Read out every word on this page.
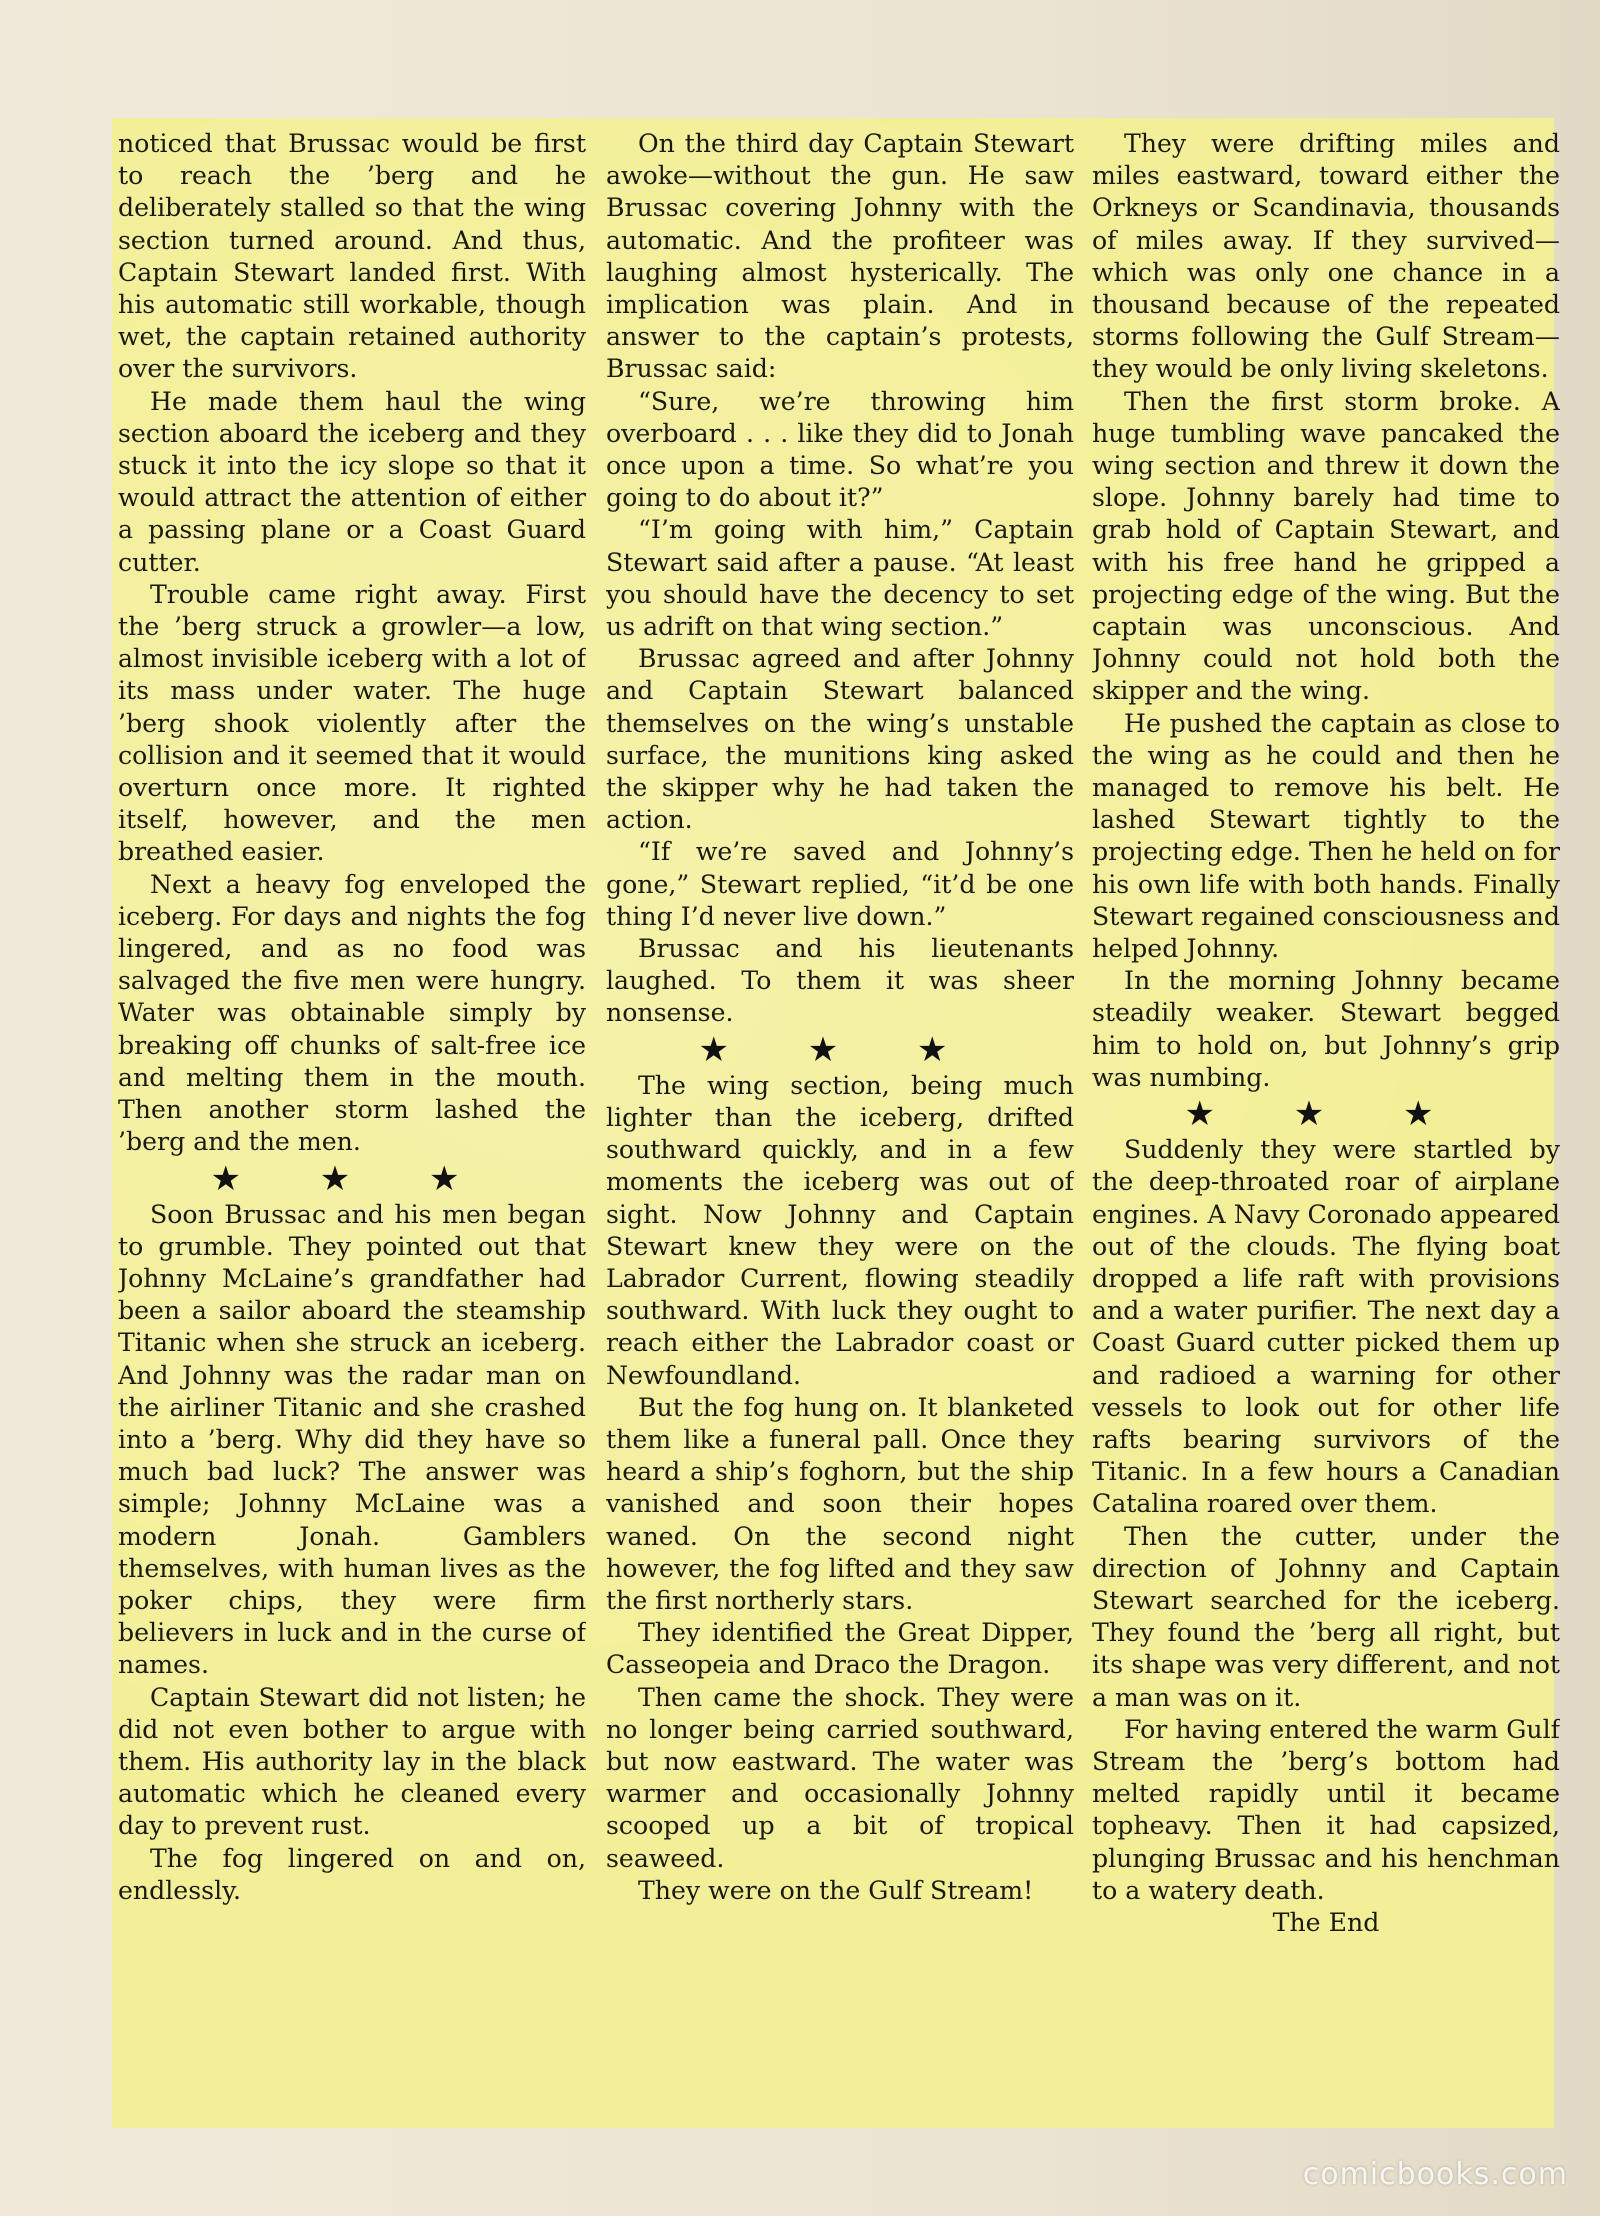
noticed that Brussac would be first to reach the ’berg and he deliberately stalled so that the wing section turned around. And thus, Captain Stewart landed first. With his automatic still workable, though wet, the captain retained authority over the survivors.

He made them haul the wing section aboard the iceberg and they stuck it into the icy slope so that it would attract the attention of either a passing plane or a Coast Guard cutter.

Trouble came right away. First the ’berg struck a growler—a low, almost invisible iceberg with a lot of its mass under water. The huge ’berg shook violently after the collision and it seemed that it would overturn once more. It righted itself, however, and the men breathed easier.

Next a heavy fog enveloped the iceberg. For days and nights the fog lingered, and as no food was salvaged the five men were hungry. Water was obtainable simply by breaking off chunks of salt-free ice and melting them in the mouth. Then another storm lashed the ’berg and the men.

★ ★ ★

Soon Brussac and his men began to grumble. They pointed out that Johnny McLaine’s grandfather had been a sailor aboard the steamship Titanic when she struck an iceberg. And Johnny was the radar man on the airliner Titanic and she crashed into a ’berg. Why did they have so much bad luck? The answer was simple; Johnny McLaine was a modern Jonah. Gamblers themselves, with human lives as the poker chips, they were firm believers in luck and in the curse of names.

Captain Stewart did not listen; he did not even bother to argue with them. His authority lay in the black automatic which he cleaned every day to prevent rust.

The fog lingered on and on, endlessly.

On the third day Captain Stewart awoke—without the gun. He saw Brussac covering Johnny with the automatic. And the profiteer was laughing almost hysterically. The implication was plain. And in answer to the captain’s protests, Brussac said:

“Sure, we’re throwing him overboard . . . like they did to Jonah once upon a time. So what’re you going to do about it?”

“I’m going with him,” Captain Stewart said after a pause. “At least you should have the decency to set us adrift on that wing section.”

Brussac agreed and after Johnny and Captain Stewart balanced themselves on the wing’s unstable surface, the munitions king asked the skipper why he had taken the action.

“If we’re saved and Johnny’s gone,” Stewart replied, “it’d be one thing I’d never live down.”

Brussac and his lieutenants laughed. To them it was sheer nonsense.

★ ★ ★

The wing section, being much lighter than the iceberg, drifted southward quickly, and in a few moments the iceberg was out of sight. Now Johnny and Captain Stewart knew they were on the Labrador Current, flowing steadily southward. With luck they ought to reach either the Labrador coast or Newfoundland.

But the fog hung on. It blanketed them like a funeral pall. Once they heard a ship’s foghorn, but the ship vanished and soon their hopes waned. On the second night however, the fog lifted and they saw the first northerly stars.

They identified the Great Dipper, Casseopeia and Draco the Dragon.

Then came the shock. They were no longer being carried southward, but now eastward. The water was warmer and occasionally Johnny scooped up a bit of tropical seaweed.

They were on the Gulf Stream!

They were drifting miles and miles eastward, toward either the Orkneys or Scandinavia, thousands of miles away. If they survived—which was only one chance in a thousand because of the repeated storms following the Gulf Stream—they would be only living skeletons.

Then the first storm broke. A huge tumbling wave pancaked the wing section and threw it down the slope. Johnny barely had time to grab hold of Captain Stewart, and with his free hand he gripped a projecting edge of the wing. But the captain was unconscious. And Johnny could not hold both the skipper and the wing.

He pushed the captain as close to the wing as he could and then he managed to remove his belt. He lashed Stewart tightly to the projecting edge. Then he held on for his own life with both hands. Finally Stewart regained consciousness and helped Johnny.

In the morning Johnny became steadily weaker. Stewart begged him to hold on, but Johnny’s grip was numbing.

★ ★ ★

Suddenly they were startled by the deep-throated roar of airplane engines. A Navy Coronado appeared out of the clouds. The flying boat dropped a life raft with provisions and a water purifier. The next day a Coast Guard cutter picked them up and radioed a warning for other vessels to look out for other life rafts bearing survivors of the Titanic. In a few hours a Canadian Catalina roared over them.

Then the cutter, under the direction of Johnny and Captain Stewart searched for the iceberg. They found the ’berg all right, but its shape was very different, and not a man was on it.

For having entered the warm Gulf Stream the ’berg’s bottom had melted rapidly until it became topheavy. Then it had capsized, plunging Brussac and his henchman to a watery death.

The End

comicbooks.com
